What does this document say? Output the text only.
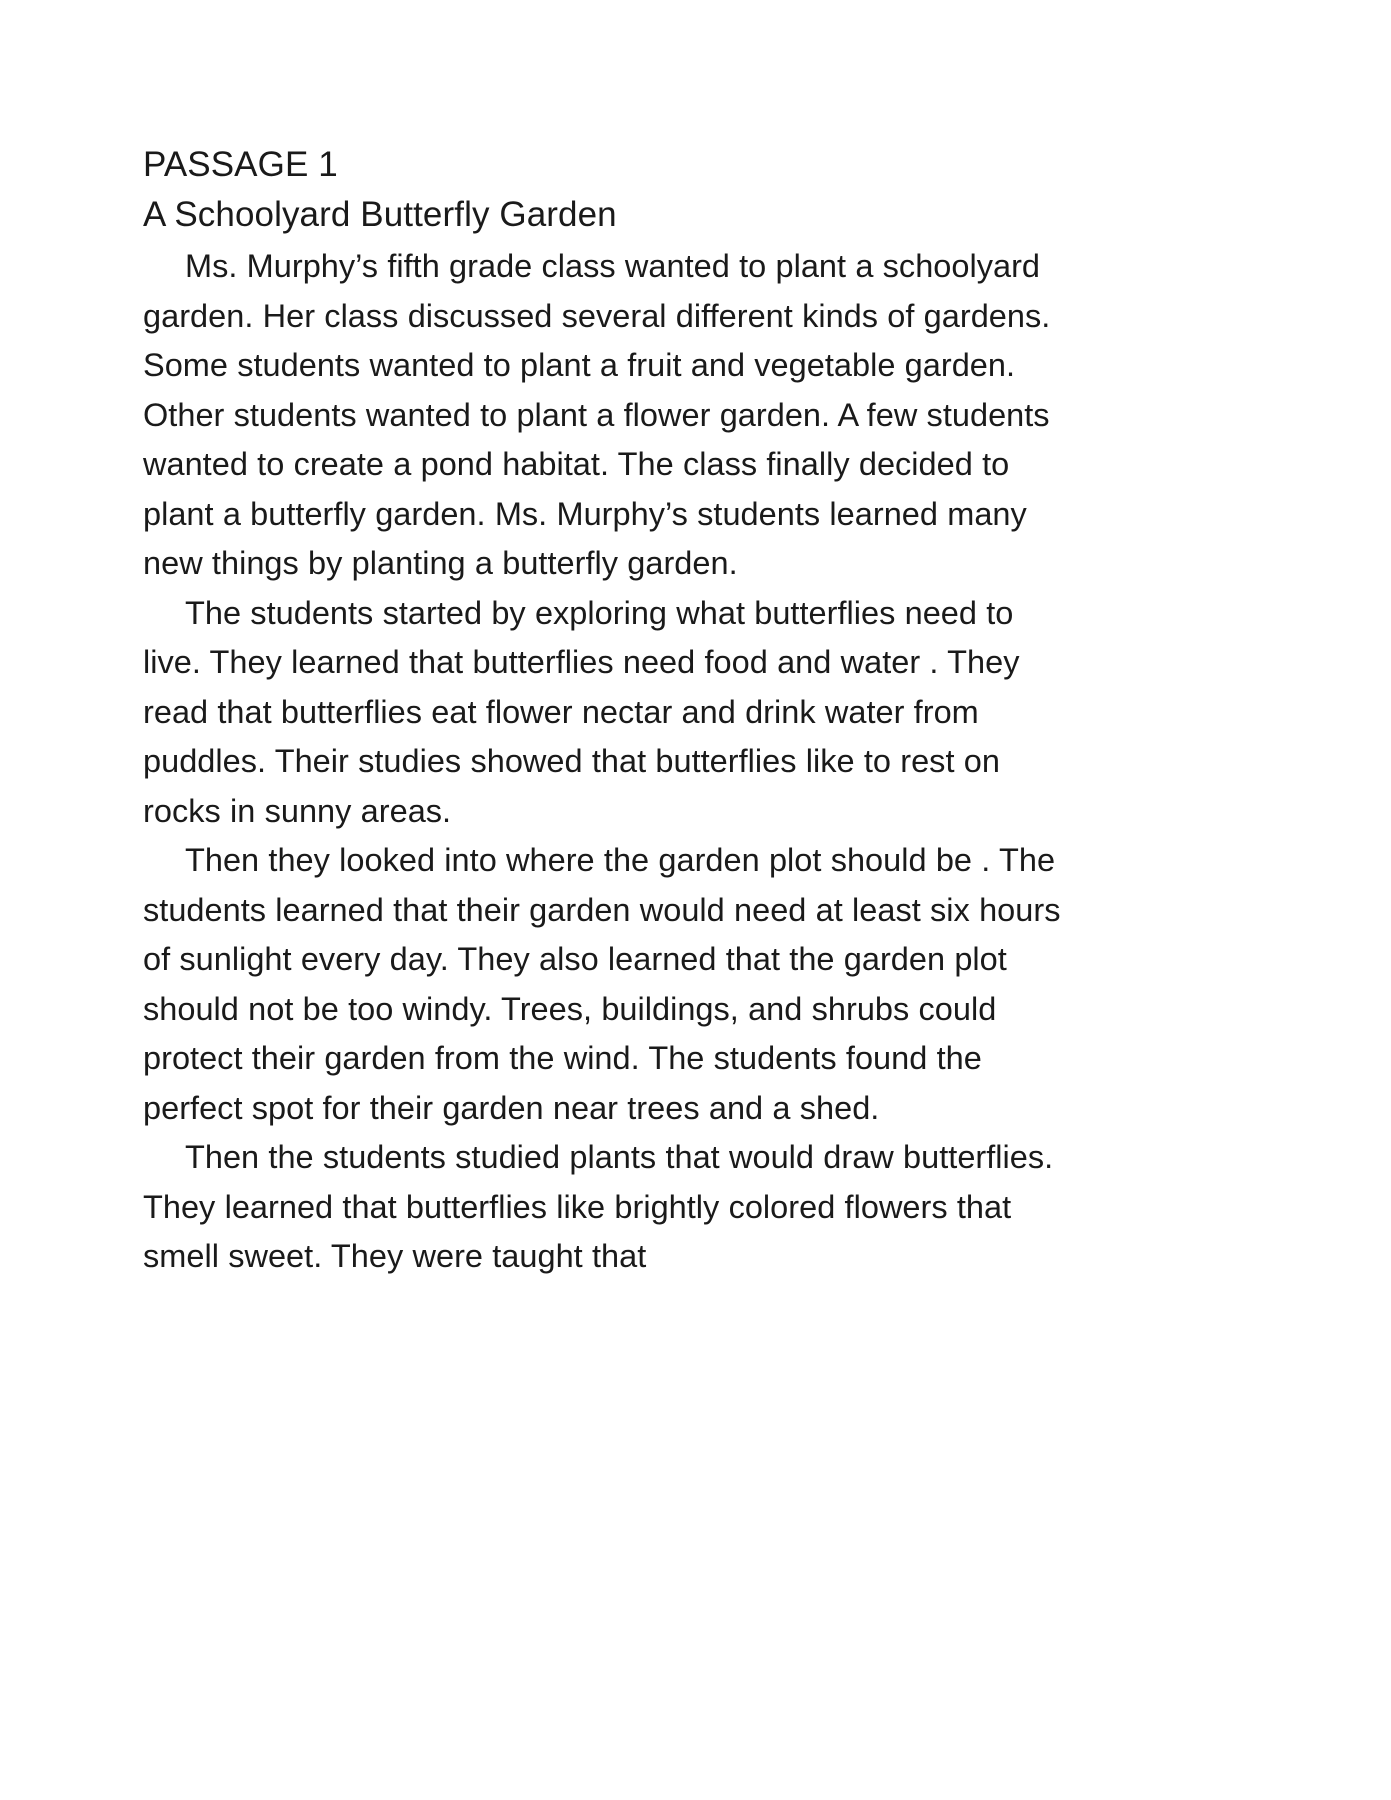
PASSAGE 1
A Schoolyard Butterfly Garden

Ms. Murphy’s fifth grade class wanted to plant a schoolyard garden. Her class discussed several different kinds of gardens. Some students wanted to plant a fruit and vegetable garden. Other students wanted to plant a flower garden. A few students wanted to create a pond habitat. The class finally decided to plant a butterfly garden. Ms. Murphy’s students learned many new things by planting a butterfly garden.

The students started by exploring what butterflies need to live. They learned that butterflies need food and water . They read that butterflies eat flower nectar and drink water from puddles. Their studies showed that butterflies like to rest on rocks in sunny areas.

Then they looked into where the garden plot should be . The students learned that their garden would need at least six hours of sunlight every day. They also learned that the garden plot should not be too windy. Trees, buildings, and shrubs could protect their garden from the wind. The students found the perfect spot for their garden near trees and a shed.

Then the students studied plants that would draw butterflies. They learned that butterflies like brightly colored flowers that smell sweet. They were taught that
